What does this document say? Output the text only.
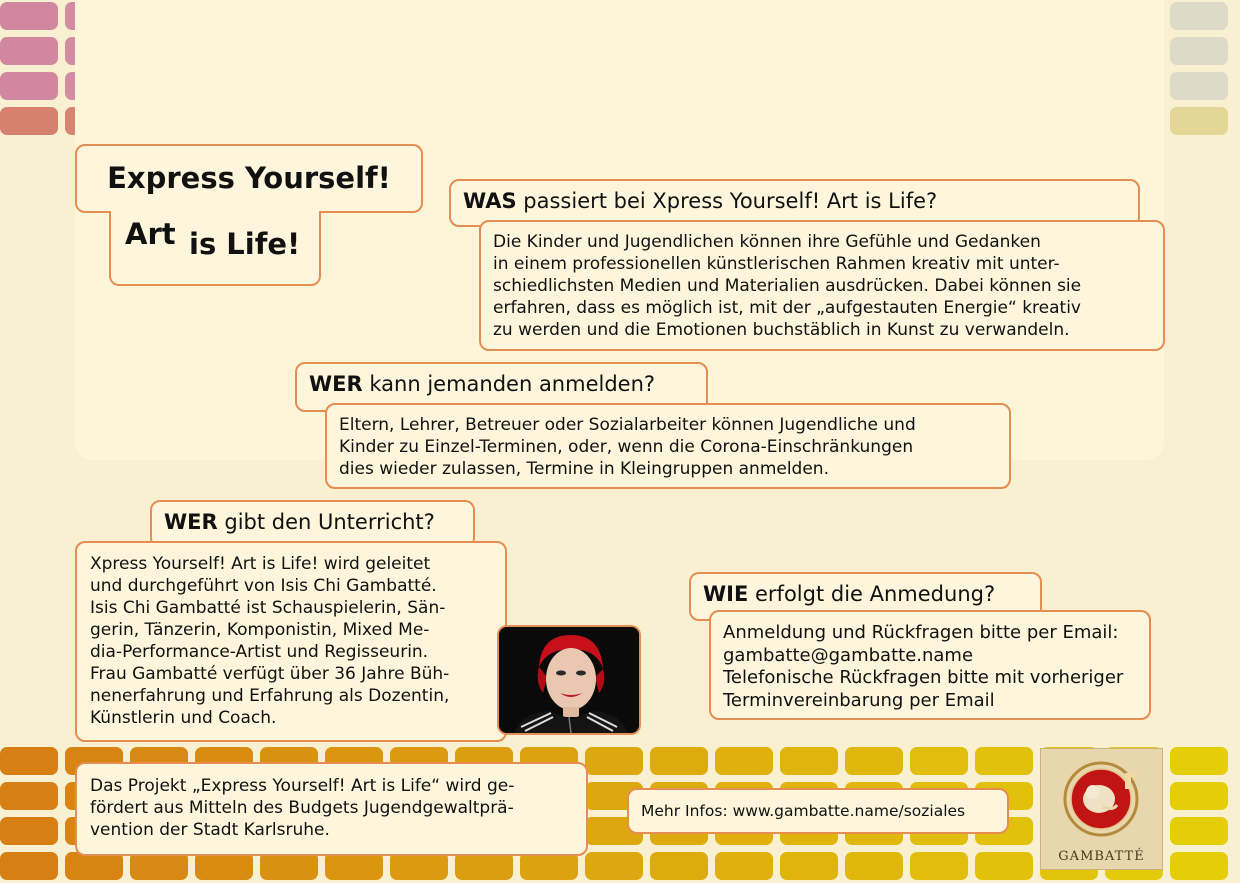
Express Yourself!
Art is Life!
WAS passiert bei Xpress Yourself! Art is Life?
Die Kinder und Jugendlichen können ihre Gefühle und Gedanken
in einem professionellen künstlerischen Rahmen kreativ mit unter-
schiedlichsten Medien und Materialien ausdrücken. Dabei können sie
erfahren, dass es möglich ist, mit der „aufgestauten Energie“ kreativ
zu werden und die Emotionen buchstäblich in Kunst zu verwandeln.
WER kann jemanden anmelden?
Eltern, Lehrer, Betreuer oder Sozialarbeiter können Jugendliche und
Kinder zu Einzel-Terminen, oder, wenn die Corona-Einschränkungen
dies wieder zulassen, Termine in Kleingruppen anmelden.
WER gibt den Unterricht?
Xpress Yourself! Art is Life! wird geleitet
und durchgeführt von Isis Chi Gambatté.
Isis Chi Gambatté ist Schauspielerin, Sän-
gerin, Tänzerin, Komponistin, Mixed Me-
dia-Performance-Artist und Regisseurin.
Frau Gambatté verfügt über 36 Jahre Büh-
nenerfahrung und Erfahrung als Dozentin,
Künstlerin und Coach.
WIE erfolgt die Anmedung?
Anmeldung und Rückfragen bitte per Email:
gambatte@gambatte.name
Telefonische Rückfragen bitte mit vorheriger
Terminvereinbarung per Email
Das Projekt „Express Yourself! Art is Life“ wird ge-
fördert aus Mitteln des Budgets Jugendgewaltprä-
vention der Stadt Karlsruhe.
Mehr Infos: www.gambatte.name/soziales
GAMBATTÉ
